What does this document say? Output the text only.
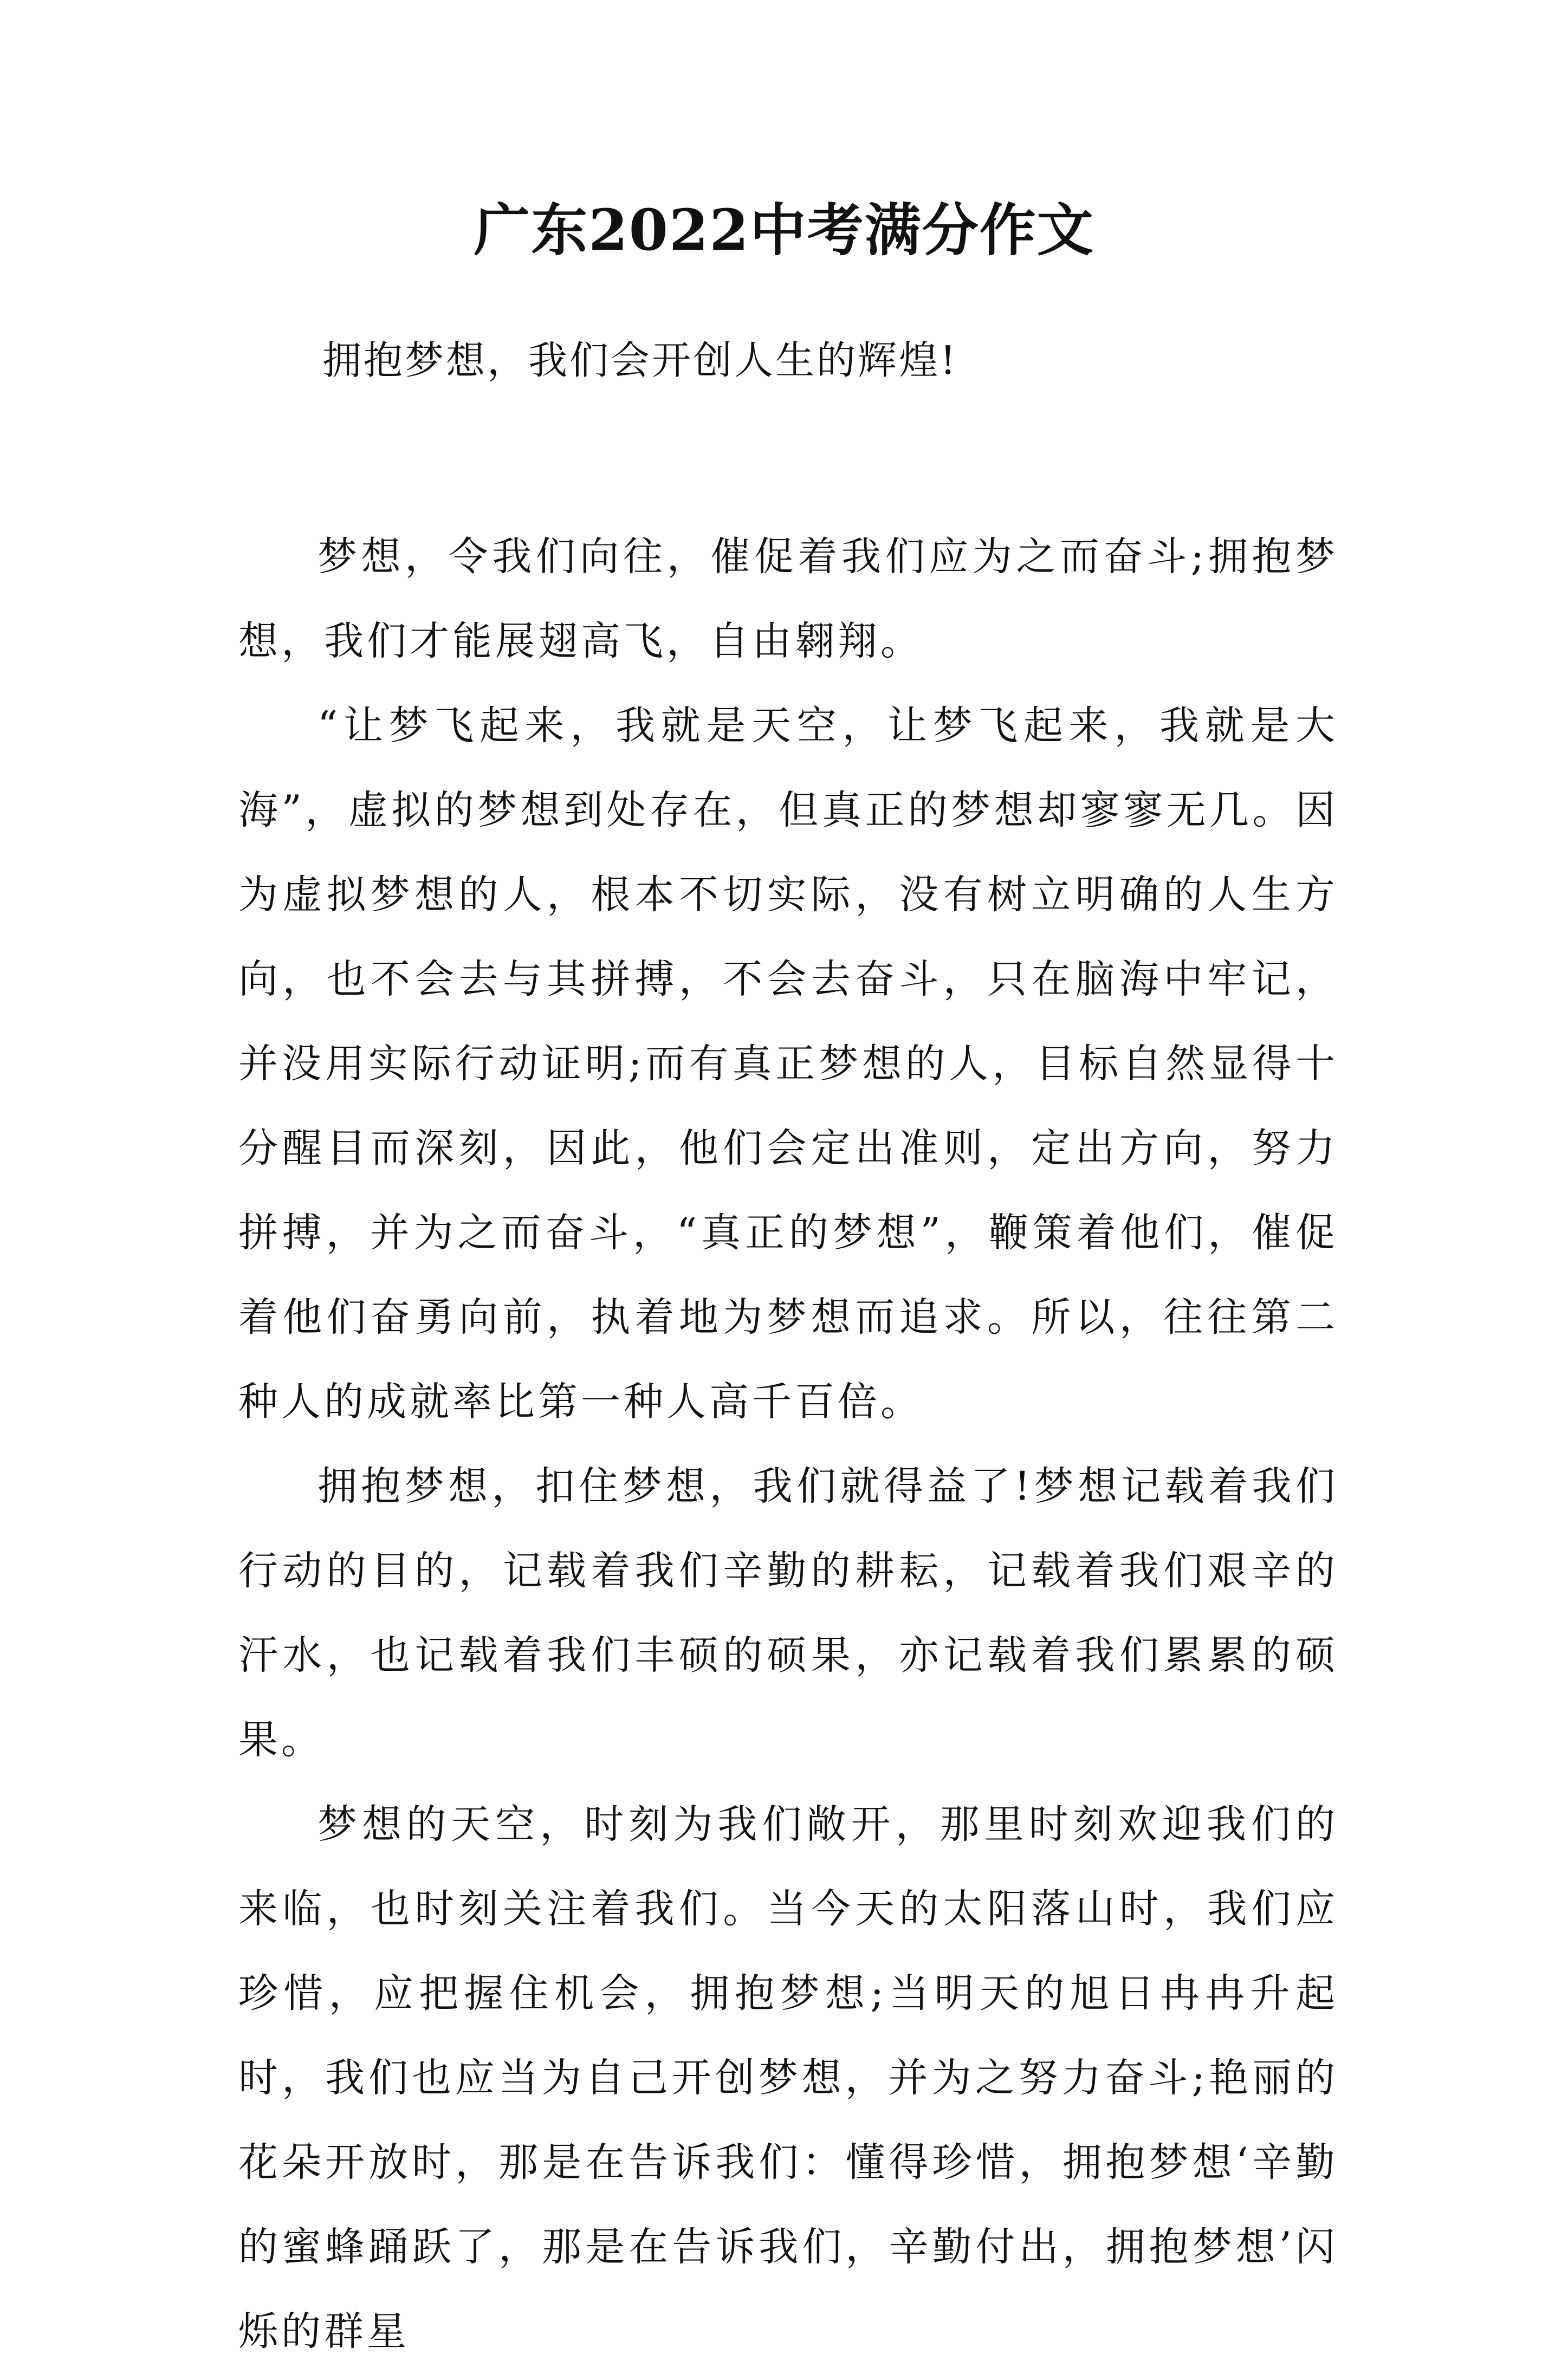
广东2022中考满分作文

拥抱梦想，我们会开创人生的辉煌!

梦想，令我们向往，催促着我们应为之而奋斗;拥抱梦想，我们才能展翅高飞，自由翱翔。

“让梦飞起来，我就是天空，让梦飞起来，我就是大海”，虚拟的梦想到处存在，但真正的梦想却寥寥无几。因为虚拟梦想的人，根本不切实际，没有树立明确的人生方向，也不会去与其拼搏，不会去奋斗，只在脑海中牢记，并没用实际行动证明;而有真正梦想的人，目标自然显得十分醒目而深刻，因此，他们会定出准则，定出方向，努力拼搏，并为之而奋斗，“真正的梦想”，鞭策着他们，催促着他们奋勇向前，执着地为梦想而追求。所以，往往第二种人的成就率比第一种人高千百倍。

拥抱梦想，扣住梦想，我们就得益了!梦想记载着我们行动的目的，记载着我们辛勤的耕耘，记载着我们艰辛的汗水，也记载着我们丰硕的硕果，亦记载着我们累累的硕果。

梦想的天空，时刻为我们敞开，那里时刻欢迎我们的来临，也时刻关注着我们。当今天的太阳落山时，我们应珍惜，应把握住机会，拥抱梦想;当明天的旭日冉冉升起时，我们也应当为自己开创梦想，并为之努力奋斗;艳丽的花朵开放时，那是在告诉我们：懂得珍惜，拥抱梦想‘辛勤的蜜蜂踊跃了，那是在告诉我们，辛勤付出，拥抱梦想’闪烁的群星
